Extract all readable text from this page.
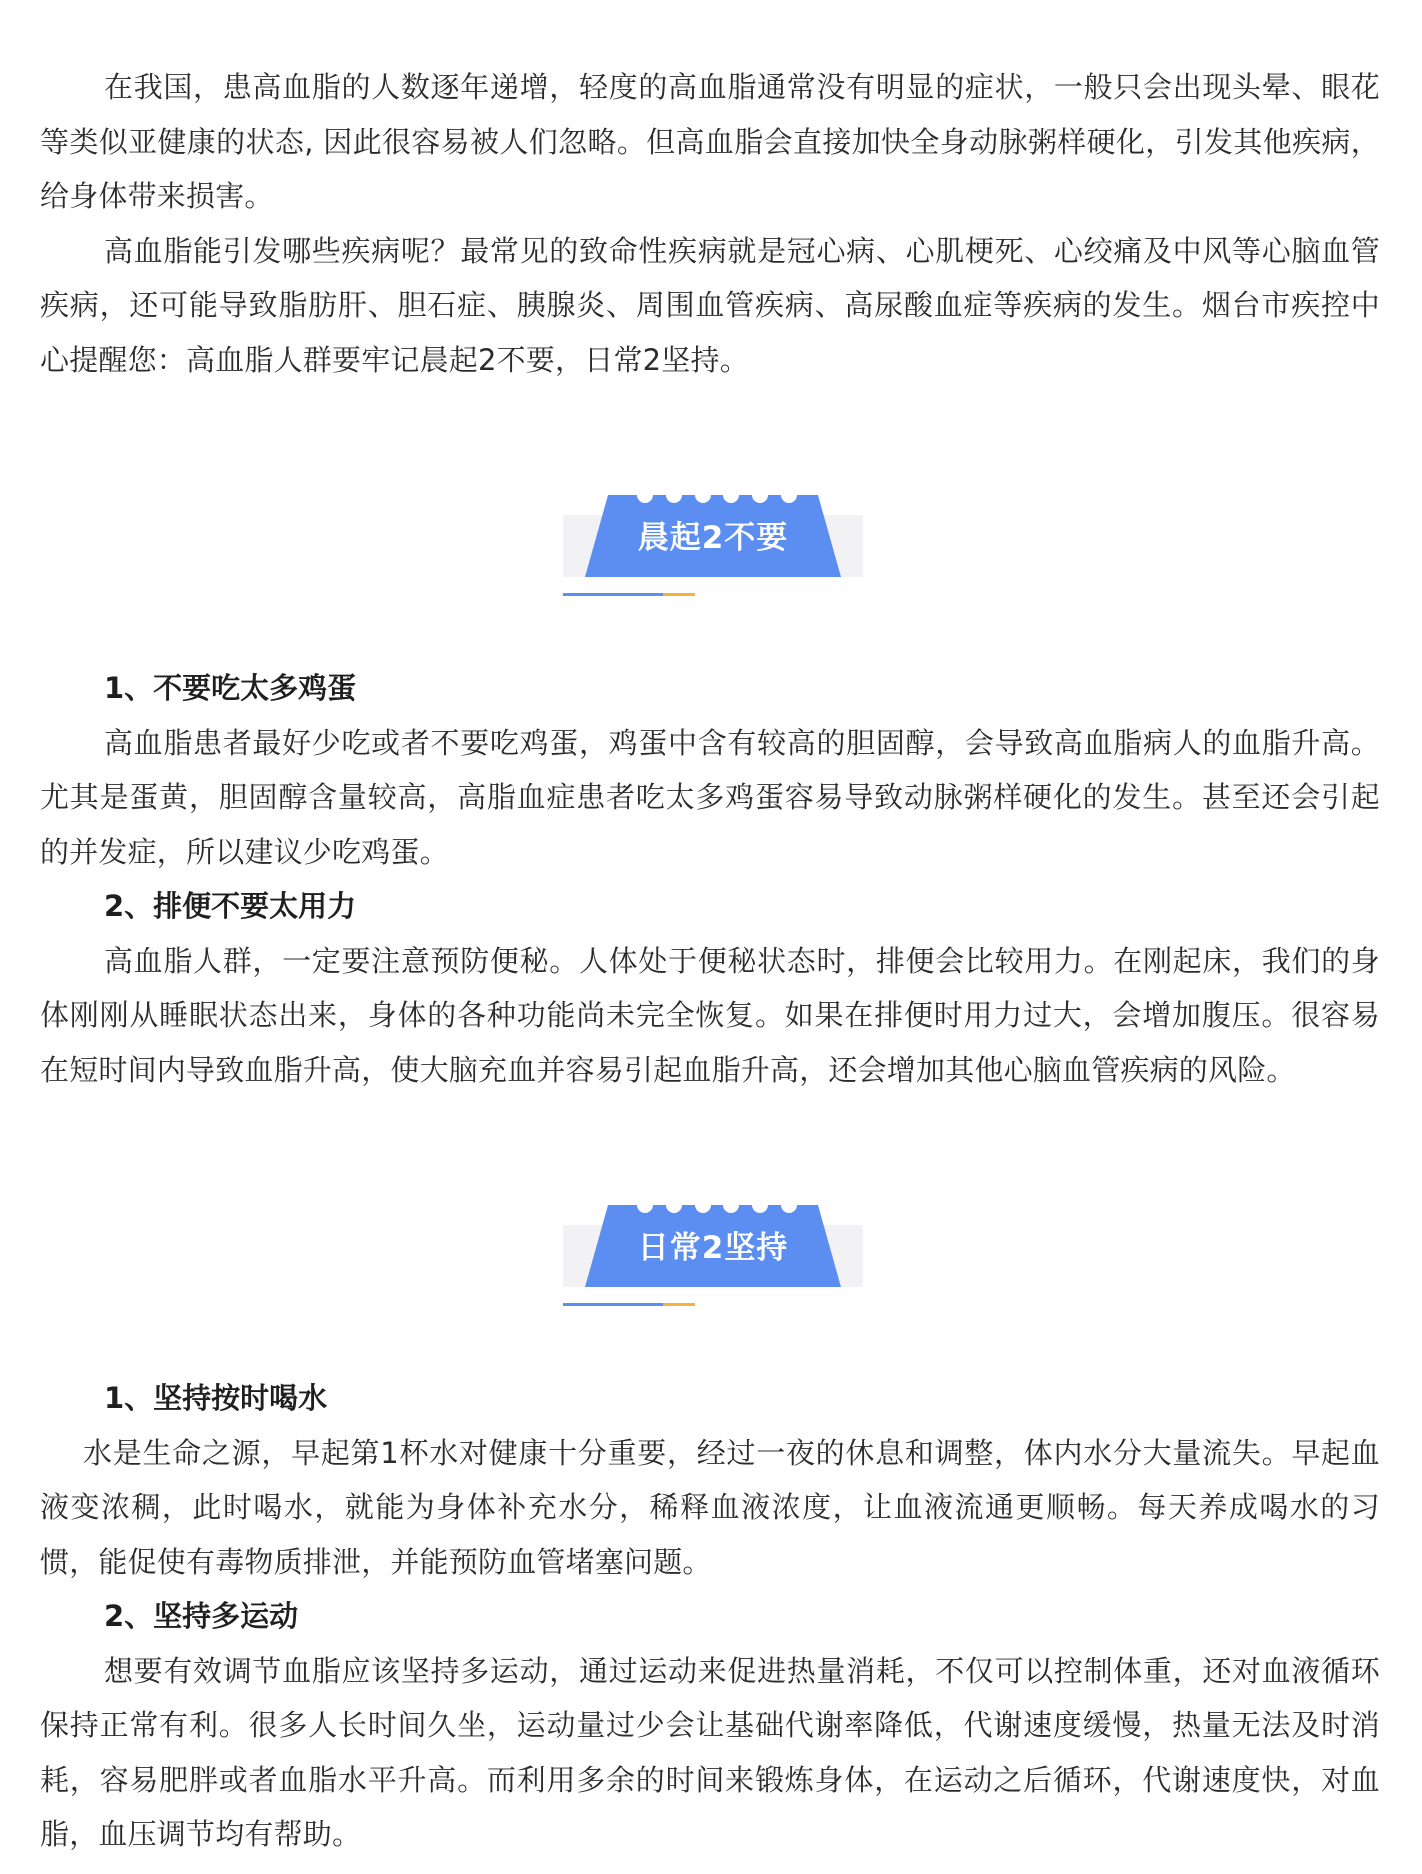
在我国，患高血脂的人数逐年递增，轻度的高血脂通常没有明显的症状，一般只会出现头晕、眼花等类似亚健康的状态, 因此很容易被人们忽略。但高血脂会直接加快全身动脉粥样硬化，引发其他疾病，给身体带来损害。

高血脂能引发哪些疾病呢？最常见的致命性疾病就是冠心病、心肌梗死、心绞痛及中风等心脑血管疾病，还可能导致脂肪肝、胆石症、胰腺炎、周围血管疾病、高尿酸血症等疾病的发生。烟台市疾控中心提醒您：高血脂人群要牢记晨起2不要，日常2坚持。

晨起2不要
1、不要吃太多鸡蛋

高血脂患者最好少吃或者不要吃鸡蛋，鸡蛋中含有较高的胆固醇，会导致高血脂病人的血脂升高。尤其是蛋黄，胆固醇含量较高，高脂血症患者吃太多鸡蛋容易导致动脉粥样硬化的发生。甚至还会引起的并发症，所以建议少吃鸡蛋。

2、排便不要太用力

高血脂人群，一定要注意预防便秘。人体处于便秘状态时，排便会比较用力。在刚起床，我们的身体刚刚从睡眠状态出来，身体的各种功能尚未完全恢复。如果在排便时用力过大，会增加腹压。很容易在短时间内导致血脂升高，使大脑充血并容易引起血脂升高，还会增加其他心脑血管疾病的风险。

日常2坚持
1、坚持按时喝水

水是生命之源，早起第1杯水对健康十分重要，经过一夜的休息和调整，体内水分大量流失。早起血液变浓稠，此时喝水，就能为身体补充水分，稀释血液浓度，让血液流通更顺畅。每天养成喝水的习惯，能促使有毒物质排泄，并能预防血管堵塞问题。

2、坚持多运动

想要有效调节血脂应该坚持多运动，通过运动来促进热量消耗，不仅可以控制体重，还对血液循环保持正常有利。很多人长时间久坐，运动量过少会让基础代谢率降低，代谢速度缓慢，热量无法及时消耗，容易肥胖或者血脂水平升高。而利用多余的时间来锻炼身体，在运动之后循环，代谢速度快，对血脂，血压调节均有帮助。
